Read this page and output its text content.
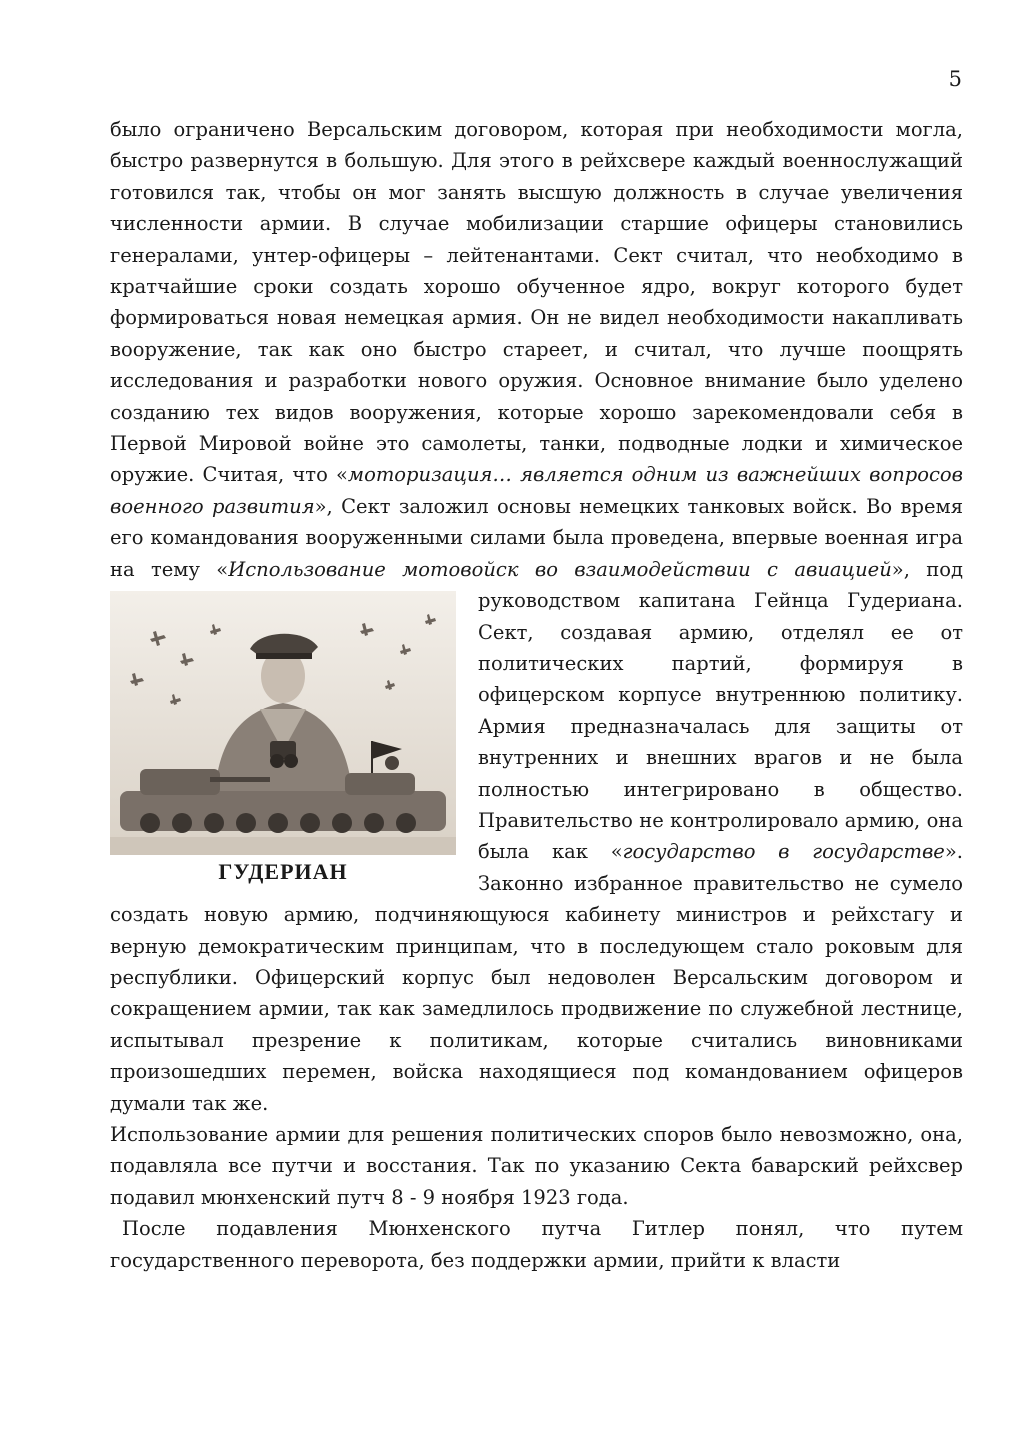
5

было ограничено Версальским договором, которая при необходимости могла, быстро развернутся в большую. Для этого в рейхсвере каждый военнослужащий готовился так, чтобы он мог занять высшую должность в случае увеличения численности армии. В случае мобилизации старшие офицеры становились генералами, унтер-офицеры – лейтенантами. Сект считал, что необходимо в кратчайшие сроки создать хорошо обученное ядро, вокруг которого будет формироваться новая немецкая армия. Он не видел необходимости накапливать вооружение, так как оно быстро стареет, и считал, что лучше поощрять исследования и разработки нового оружия. Основное внимание было уделено созданию тех видов вооружения, которые хорошо зарекомендовали себя в Первой Мировой войне это самолеты, танки, подводные лодки и химическое оружие. Считая, что «моторизация… является одним из важнейших вопросов военного развития», Сект заложил основы немецких танковых войск. Во время его командования вооруженными силами была проведена, впервые военная игра на тему «Использование мотовойск во взаимодействии с авиацией
ГУДЕРИАН
», под руководством капитана Гейнца Гудериана. Сект, создавая армию, отделял ее от политических партий, формируя в офицерском корпусе внутреннюю политику. Армия предназначалась для защиты от внутренних и внешних врагов и не была полностью интегрировано в общество. Правительство не контролировало армию, она была как «государство в государстве». Законно избранное правительство не сумело создать новую армию, подчиняющуюся кабинету министров и рейхстагу и верную демократическим принципам, что в последующем стало роковым для республики. Офицерский корпус был недоволен Версальским договором и сокращением армии, так как замедлилось продвижение по служебной лестнице, испытывал презрение к политикам, которые считались виновниками произошедших перемен, войска находящиеся под командованием офицеров думали так же.

Использование армии для решения политических споров было невозможно, она, подавляла все путчи и восстания. Так по указанию Секта баварский рейхсвер подавил мюнхенский путч 8 - 9 ноября 1923 года.

После подавления Мюнхенского путча Гитлер понял, что путем государственного переворота, без поддержки армии, прийти к власти
